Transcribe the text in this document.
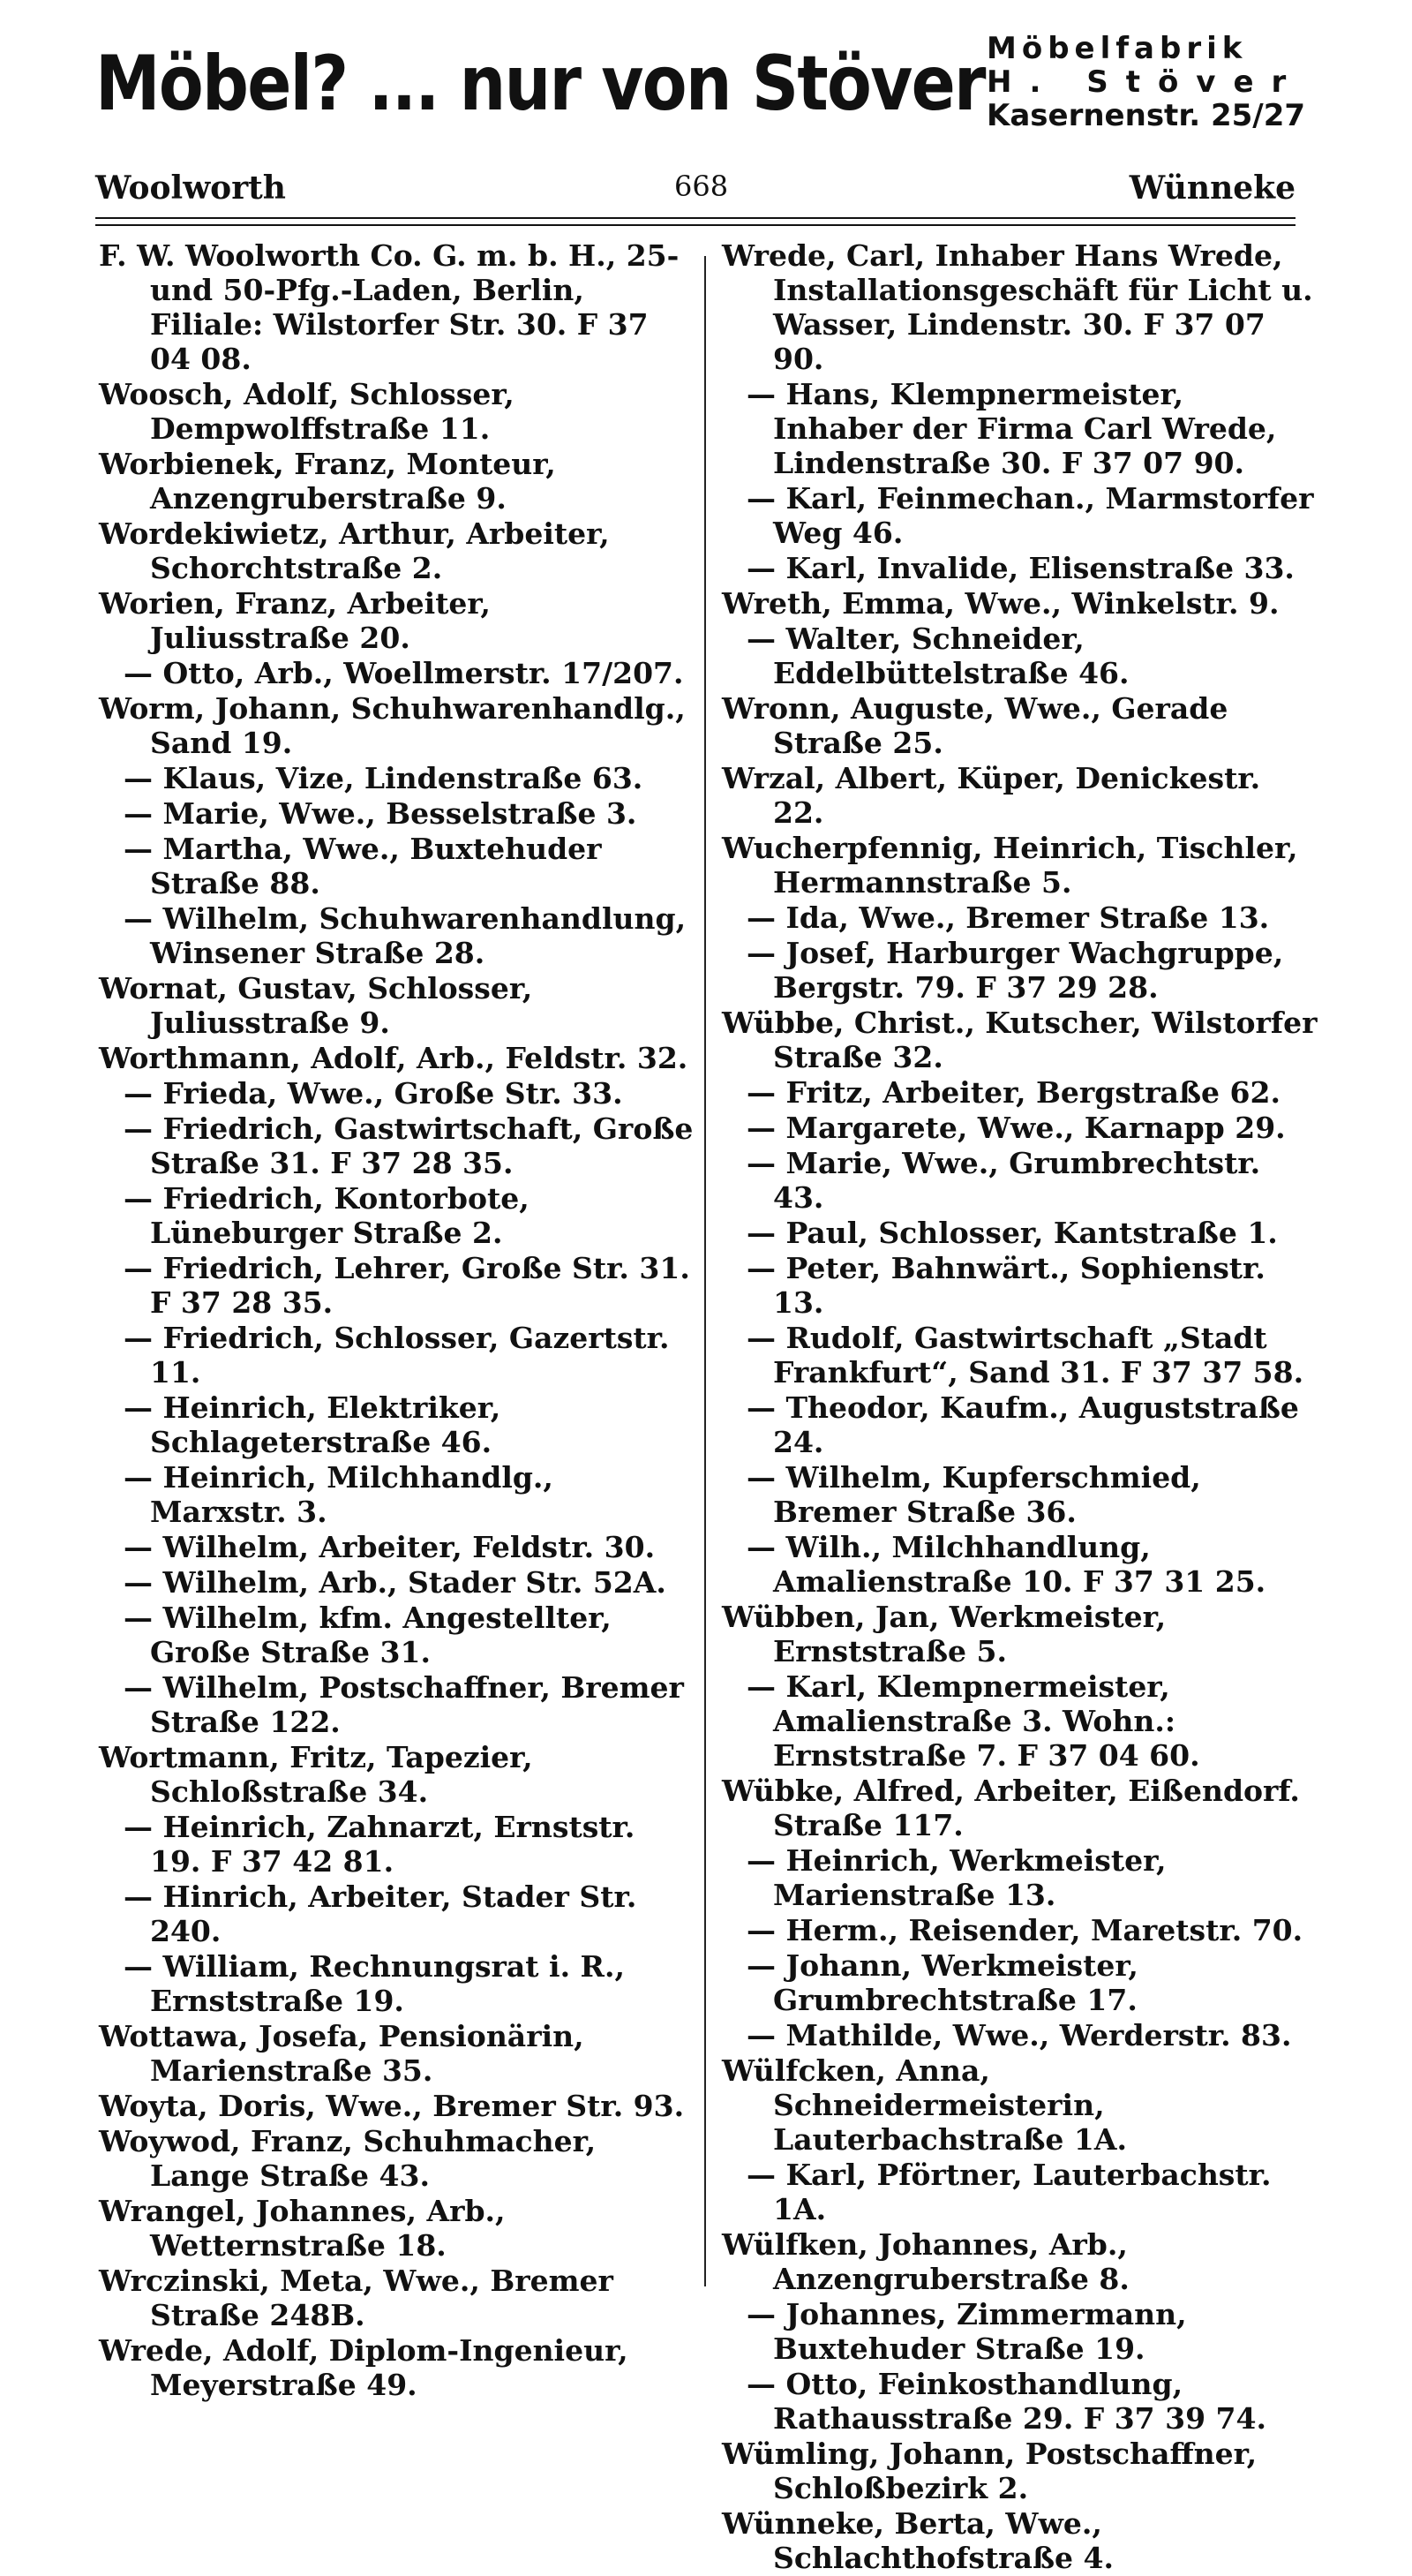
Möbel? ... nur von Stöver Möbelfabrik
H. Stöver
Kasernenstr. 25/27
Woolworth	668	Wünneke

F. W. Woolworth Co. G. m. b. H., 25- und 50-Pfg.-Laden, Berlin, Filiale: Wilstorfer Str. 30. F 37 04 08.

Woosch, Adolf, Schlosser, Dempwolffstraße 11.

Worbienek, Franz, Monteur, Anzengruberstraße 9.

Wordekiwietz, Arthur, Arbeiter, Schorchtstraße 2.

Worien, Franz, Arbeiter, Juliusstraße 20.

— Otto, Arb., Woellmerstr. 17/207.

Worm, Johann, Schuhwarenhandlg., Sand 19.

— Klaus, Vize, Lindenstraße 63.

— Marie, Wwe., Besselstraße 3.

— Martha, Wwe., Buxtehuder Straße 88.

— Wilhelm, Schuhwarenhandlung, Winsener Straße 28.

Wornat, Gustav, Schlosser, Juliusstraße 9.

Worthmann, Adolf, Arb., Feldstr. 32.

— Frieda, Wwe., Große Str. 33.

— Friedrich, Gastwirtschaft, Große Straße 31. F 37 28 35.

— Friedrich, Kontorbote, Lüneburger Straße 2.

— Friedrich, Lehrer, Große Str. 31. F 37 28 35.

— Friedrich, Schlosser, Gazertstr. 11.

— Heinrich, Elektriker, Schlageterstraße 46.

— Heinrich, Milchhandlg., Marxstr. 3.

— Wilhelm, Arbeiter, Feldstr. 30.

— Wilhelm, Arb., Stader Str. 52A.

— Wilhelm, kfm. Angestellter, Große Straße 31.

— Wilhelm, Postschaffner, Bremer Straße 122.

Wortmann, Fritz, Tapezier, Schloßstraße 34.

— Heinrich, Zahnarzt, Ernststr. 19. F 37 42 81.

— Hinrich, Arbeiter, Stader Str. 240.

— William, Rechnungsrat i. R., Ernststraße 19.

Wottawa, Josefa, Pensionärin, Marienstraße 35.

Woyta, Doris, Wwe., Bremer Str. 93.

Woywod, Franz, Schuhmacher, Lange Straße 43.

Wrangel, Johannes, Arb., Wetternstraße 18.

Wrczinski, Meta, Wwe., Bremer Straße 248B.

Wrede, Adolf, Diplom-Ingenieur, Meyerstraße 49.

Wrede, Carl, Inhaber Hans Wrede, Installationsgeschäft für Licht u. Wasser, Lindenstr. 30. F 37 07 90.

— Hans, Klempnermeister, Inhaber der Firma Carl Wrede, Lindenstraße 30. F 37 07 90.

— Karl, Feinmechan., Marmstorfer Weg 46.

— Karl, Invalide, Elisenstraße 33.

Wreth, Emma, Wwe., Winkelstr. 9.

— Walter, Schneider, Eddelbüttelstraße 46.

Wronn, Auguste, Wwe., Gerade Straße 25.

Wrzal, Albert, Küper, Denickestr. 22.

Wucherpfennig, Heinrich, Tischler, Hermannstraße 5.

— Ida, Wwe., Bremer Straße 13.

— Josef, Harburger Wachgruppe, Bergstr. 79. F 37 29 28.

Wübbe, Christ., Kutscher, Wilstorfer Straße 32.

— Fritz, Arbeiter, Bergstraße 62.

— Margarete, Wwe., Karnapp 29.

— Marie, Wwe., Grumbrechtstr. 43.

— Paul, Schlosser, Kantstraße 1.

— Peter, Bahnwärt., Sophienstr. 13.

— Rudolf, Gastwirtschaft „Stadt Frankfurt“, Sand 31. F 37 37 58.

— Theodor, Kaufm., Auguststraße 24.

— Wilhelm, Kupferschmied, Bremer Straße 36.

— Wilh., Milchhandlung, Amalienstraße 10. F 37 31 25.

Wübben, Jan, Werkmeister, Ernststraße 5.

— Karl, Klempnermeister, Amalienstraße 3. Wohn.: Ernststraße 7. F 37 04 60.

Wübke, Alfred, Arbeiter, Eißendorf. Straße 117.

— Heinrich, Werkmeister, Marienstraße 13.

— Herm., Reisender, Maretstr. 70.

— Johann, Werkmeister, Grumbrechtstraße 17.

— Mathilde, Wwe., Werderstr. 83.

Wülfcken, Anna, Schneidermeisterin, Lauterbachstraße 1A.

— Karl, Pförtner, Lauterbachstr. 1A.

Wülfken, Johannes, Arb., Anzengruberstraße 8.

— Johannes, Zimmermann, Buxtehuder Straße 19.

— Otto, Feinkosthandlung, Rathausstraße 29. F 37 39 74.

Wümling, Johann, Postschaffner, Schloßbezirk 2.

Wünneke, Berta, Wwe., Schlachthofstraße 4.
